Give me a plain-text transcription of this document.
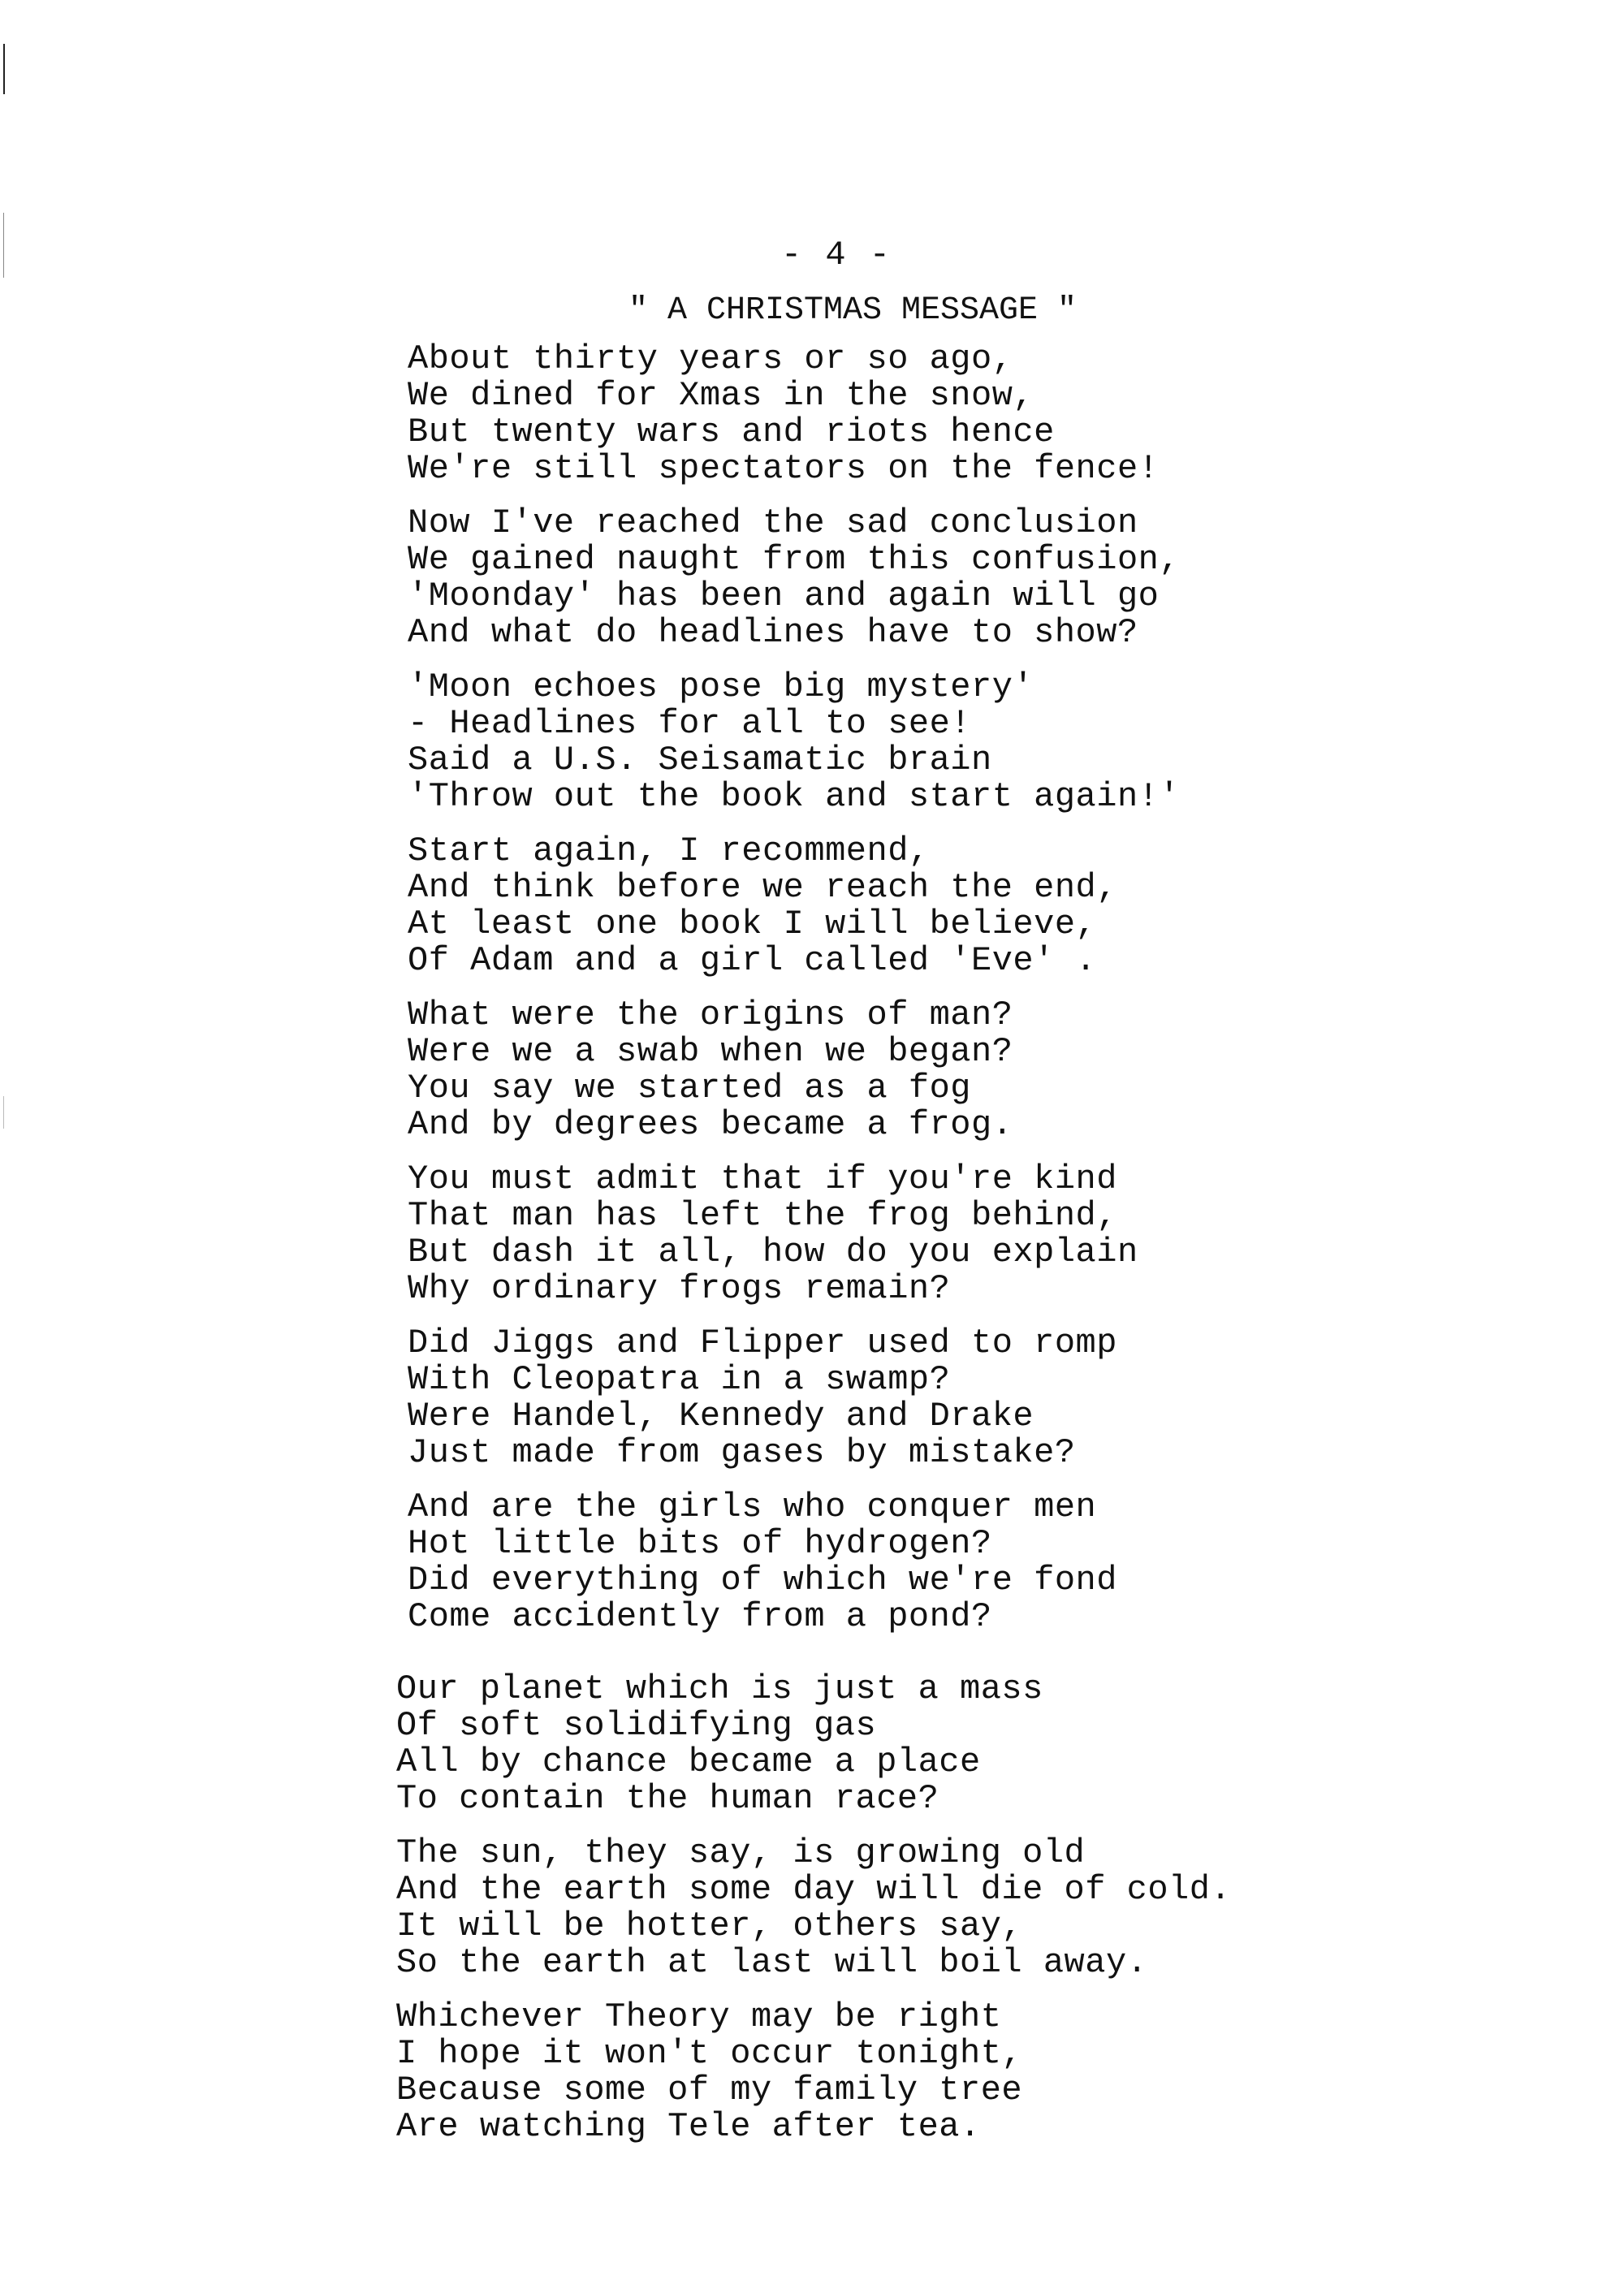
- 4 -
" A CHRISTMAS MESSAGE "
About thirty years or so ago,
We dined for Xmas in the snow,
But twenty wars and riots hence
We're still spectators on the fence!
Now I've reached the sad conclusion
We gained naught from this confusion,
'Moonday' has been and again will go
And what do headlines have to show?
'Moon echoes pose big mystery'
- Headlines for all to see!
Said a U.S. Seisamatic brain
'Throw out the book and start again!'
Start again, I recommend,
And think before we reach the end,
At least one book I will believe,
Of Adam and a girl called 'Eve' .
What were the origins of man?
Were we a swab when we began?
You say we started as a fog
And by degrees became a frog.
You must admit that if you're kind
That man has left the frog behind,
But dash it all, how do you explain
Why ordinary frogs remain?
Did Jiggs and Flipper used to romp
With Cleopatra in a swamp?
Were Handel, Kennedy and Drake
Just made from gases by mistake?
And are the girls who conquer men
Hot little bits of hydrogen?
Did everything of which we're fond
Come accidently from a pond?
Our planet which is just a mass
Of soft solidifying gas
All by chance became a place
To contain the human race?
The sun, they say, is growing old
And the earth some day will die of cold.
It will be hotter, others say,
So the earth at last will boil away.
Whichever Theory may be right
I hope it won't occur tonight,
Because some of my family tree
Are watching Tele after tea.
